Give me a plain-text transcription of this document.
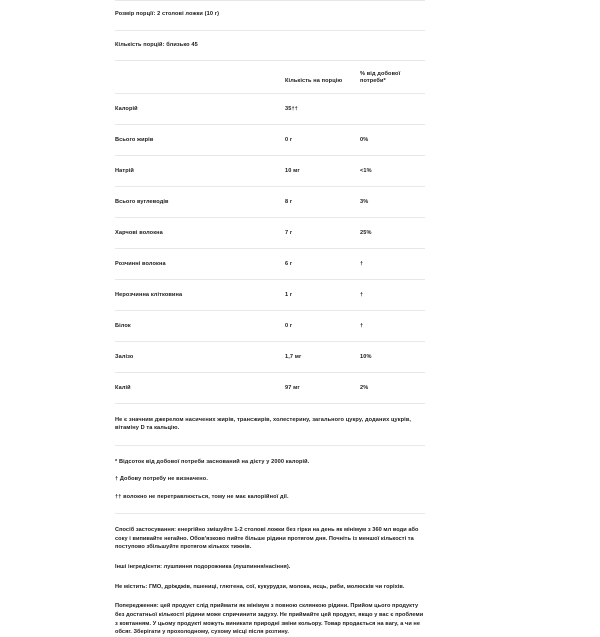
Розмір порції: 2 столові ложки (10 г)
Кількість порцій: близько 45
	Кількість на порцію	% від добової потреби*
Калорій	35††	
Всього жирів	0 г	0%
Натрій	10 мг	<1%
Всього вуглеводів	8 г	3%
Харчові волокна	7 г	25%
Розчинні волокна	6 г	†
Нерозчинна клітковина	1 г	†
Білок	0 г	†
Залізо	1,7 мг	10%
Калій	97 мг	2%

Не є значним джерелом насичених жирів, трансжирів, холестерину, загального цукру, доданих цукрів, вітаміну D та кальцію.

* Відсоток від добової потреби заснований на дієту у 2000 калорій.

† Добову потребу не визначено.

†† волокно не перетравлюється, тому не має калорійної дії.

Спосіб застосування: енергійно змішуйте 1-2 столові ложки без гірки на день як мінімум з 360 мл води або соку і випивайте негайно. Обов'язково пийте більше рідини протягом дня. Почніть із меншої кількості та поступово збільшуйте протягом кількох тижнів.

Інші інгредієнти: лушпиння подорожника (лушпиння/насіння).

Не містить: ГМО, дріжджів, пшениці, глютена, сої, кукурудзи, молока, яєць, риби, молюсків чи горіхів.

Попередження: цей продукт слід приймати як мінімум з повною склянкою рідини. Прийом цього продукту без достатньої кількості рідини може спричинити задуху. Не приймайте цей продукт, якщо у вас є проблеми з ковтанням. У цьому продукті можуть виникати природні зміни кольору. Товар продається на вагу, а чи не обсяг. Зберігати у прохолодному, сухому місці після розтину.
